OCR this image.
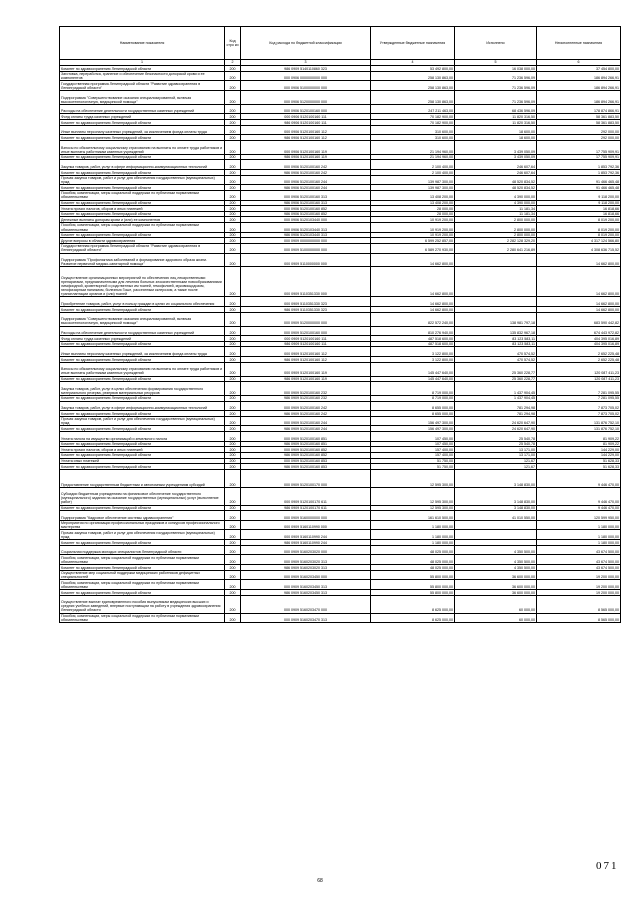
Наименование показателя	Код стро ки	Код расхода по бюджетной классификации	Утвержденные бюджетные назначения	Исполнено	Неисполненные назначения
1	2	3	4	5	6
Комитет по здравоохранению Ленинградской области	200	986 0909 5140110860 323	53 492 800,00	16 038 000,00	37 454 800,00
Заготовка, переработка, хранение и обеспечение безопасности донорской крови и ее компонентов	200	000 0906 0000000000 000	258 130 863,00	71 236 596,09	186 894 266,91
Государственная программа Ленинградской области "Развитие здравоохранения в Ленинградской области"	200	000 0906 5100000000 000	258 130 863,00	71 236 596,09	186 894 266,91
Подпрограмма "Совершенствование оказания специализированной, включая высокотехнологичную, медицинской помощи"	200	000 0906 5120000000 000	258 130 863,00	71 236 596,09	186 894 266,91
Расходы на обеспечение деятельности государственных казенных учреждений	200	000 0906 5120100160 000	247 211 463,00	68 436 596,09	178 874 866,91
Фонд оплаты труда казенных учреждений	200	000 0906 5120100160 111	70 182 900,00	11 820 316,50	58 361 883,50
Комитет по здравоохранению Ленинградской области	200	986 0906 5120100160 111	70 182 900,00	11 820 316,50	58 361 883,50
Иные выплаты персоналу казенных учреждений, за исключением фонда оплаты труда	200	000 0906 5120100160 112	310 600,00	18 600,00	292 000,00
Комитет по здравоохранению Ленинградской области	200	986 0906 5120100160 112	310 600,00	18 600,00	292 000,00
Взносы по обязательному социальному страхованию на выплаты по оплате труда работников и иные выплаты работникам казенных учреждений	200	000 0906 5120100160 119	21 194 960,00	3 439 050,09	17 755 909,91
Комитет по здравоохранению Ленинградской области	200	986 0906 5120100160 119	21 194 960,00	3 439 050,09	17 755 909,91
Закупка товаров, работ, услуг в сфере информационно-коммуникационных технологий	200	000 0906 5120100160 242	2 100 400,00	246 607,64	1 853 792,36
Комитет по здравоохранению Ленинградской области	200	986 0906 5120100160 242	2 100 400,00	246 607,64	1 853 792,36
Прочая закупка товаров, работ и услуг для обеспечения государственных (муниципальных) нужд	200	000 0906 5120100160 244	139 987 300,00	48 520 834,52	91 466 465,48
Комитет по здравоохранению Ленинградской области	200	986 0906 5120100160 244	139 987 300,00	48 520 834,52	91 466 465,48
Пособия, компенсации, меры социальной поддержки по публичным нормативным обязательствам	200	000 0906 5120100160 313	13 408 200,00	4 390 000,00	9 118 200,00
Комитет по здравоохранению Ленинградской области	200	986 0906 5120100160 313	13 408 200,00	4 390 000,00	9 118 200,00
Уплата прочих налогов, сборов и иных платежей	200	000 0906 5120100160 852	28 000,00	11 181,34	16 818,66
Комитет по здравоохранению Ленинградской области	200	986 0906 5120100160 852	28 000,00	11 181,34	16 818,66
Денежные выплаты донорам крови и (или) ее компонентов	200	000 0906 5120103440 000	10 919 200,00	2 800 000,00	8 019 200,00
Пособия, компенсации, меры социальной поддержки по публичным нормативным обязательствам	200	000 0906 5120103440 313	10 919 200,00	2 800 000,00	8 019 200,00
Комитет по здравоохранению Ленинградской области	200	986 0906 5120103440 313	10 919 200,00	2 800 000,00	8 019 200,00
Другие вопросы в области здравоохранения	200	000 0909 0000000000 000	6 599 252 857,00	2 282 128 329,20	4 317 124 566,80
Государственная программа Ленинградской области "Развитие здравоохранения в Ленинградской области"	200	000 0909 5100000000 000	6 589 270 930,00	2 280 641 216,89	4 308 636 715,52
Подпрограмма "Профилактика заболеваний и формирование здорового образа жизни. Развитие первичной медико-санитарной помощи"	200	000 0909 5110000000 000	14 662 800,00		14 662 800,00
Осуществление организационных мероприятий по обеспечению лиц лекарственными препаратами, предназначенными для лечения больных злокачественными новообразованиями лимфоидной, кроветворной и родственных им тканей, гемофилией, муковисцидозом, гипофизарным нанизмом, болезнью Гоше, рассеянным склерозом, а также после трансплантации органов и (или) тканей	200	000 0909 5110351330 000	14 662 800,00		14 662 800,00
Приобретение товаров, работ, услуг в пользу граждан в целях их социального обеспечения	200	000 0909 5110351330 323	14 662 800,00		14 662 800,00
Комитет по здравоохранению Ленинградской области	200	986 0909 5110351330 323	14 662 800,00		14 662 800,00
Подпрограмма "Совершенствование оказания специализированной, включая высокотехнологичную, медицинской помощи"	200	000 0909 5120000000 000	822 572 240,00	138 981 797,18	683 590 442,82
Расходы на обеспечение деятельности государственных казенных учреждений	200	000 0909 5120100160 000	810 276 940,00	135 832 967,18	674 443 972,82
Фонд оплаты труда казенных учреждений	200	000 0909 5120100160 111	487 518 600,00	83 123 583,11	404 395 016,89
Комитет по здравоохранению Ленинградской области	200	986 0909 5120100160 111	487 518 600,00	83 123 583,11	404 395 016,89
Иные выплаты персоналу казенных учреждений, за исключением фонда оплаты труда	200	000 0909 5120100160 112	3 122 800,00	470 574,52	2 652 225,48
Комитет по здравоохранению Ленинградской области	200	986 0909 5120100160 112	3 122 800,00	470 574,52	2 652 225,48
Взносы по обязательному социальному страхованию на выплаты по оплате труда работников и иные выплаты работникам казенных учреждений	200	000 0909 5120100160 119	145 447 640,00	25 360 228,77	120 087 411,23
Комитет по здравоохранению Ленинградской области	200	986 0909 5120100160 119	145 447 640,00	25 360 228,77	120 087 411,23
Закупка товаров, работ, услуг в целях обеспечения формирования государственного материального резерва, резервов материальных ресурсов	200	000 0909 5120100160 232	8 719 000,00	1 437 904,45	7 281 095,55
Комитет по здравоохранению Ленинградской области	200	986 0909 5120100160 232	8 719 000,00	1 437 904,45	7 281 095,55
Закупка товаров, работ, услуг в сфере информационно-коммуникационных технологий	200	000 0909 5120100160 242	8 655 000,00	781 294,98	7 873 705,02
Комитет по здравоохранению Ленинградской области	200	986 0909 5120100160 242	8 655 000,00	781 294,98	7 873 705,02
Прочая закупка товаров, работ и услуг для обеспечения государственных (муниципальных) нужд	200	000 0909 5120100160 244	156 497 300,00	24 620 647,90	131 876 752,10
Комитет по здравоохранению Ленинградской области	200	986 0909 5120100160 244	156 497 300,00	24 620 647,90	131 876 752,10
Уплата налога на имущество организаций и земельного налога	200	000 0909 5120100160 851	107 450,00	25 540,78	81 909,22
Комитет по здравоохранению Ленинградской области	200	986 0909 5120100160 851	107 450,00	25 540,78	81 909,22
Уплата прочих налогов, сборов и иных платежей	200	000 0909 5120100160 852	157 400,00	13 171,00	144 229,00
Комитет по здравоохранению Ленинградской области	200	986 0909 5120100160 852	157 400,00	13 171,00	144 229,00
Уплата иных платежей	200	000 0909 5120100160 853	51 750,00	121,67	51 628,33
Комитет по здравоохранению Ленинградской области	200	986 0909 5120100160 853	51 750,00	121,67	51 628,33
Предоставление государственным бюджетным и автономным учреждениям субсидий	200	000 0909 5120100170 000	12 595 300,00	3 148 830,00	9 446 470,00
Субсидии бюджетным учреждениям на финансовое обеспечение государственного (муниципального) задания на оказание государственных (муниципальных) услуг (выполнение работ)	200	000 0909 5120100170 611	12 595 300,00	3 148 830,00	9 446 470,00
Комитет по здравоохранению Ленинградской области	200	986 0909 5120100170 611	12 595 300,00	3 148 830,00	9 446 470,00
Подпрограмма "Кадровое обеспечение системы здравоохранения"	200	000 0909 5160000000 000	161 610 500,00	41 010 550,00	120 599 950,00
Мероприятия по организации профессиональных праздников и конкурсов профессионального мастерства	200	000 0909 5160110990 000	1 180 000,00		1 180 000,00
Прочая закупка товаров, работ и услуг для обеспечения государственных (муниципальных) нужд	200	000 0909 5160110990 244	1 180 000,00		1 180 000,00
Комитет по здравоохранению Ленинградской области	200	986 0909 5160110990 244	1 180 000,00		1 180 000,00
Социальная поддержка молодых специалистов Ленинградской области	200	000 0909 5160203020 000	48 025 000,00	4 350 500,00	43 674 500,00
Пособия, компенсации, меры социальной поддержки по публичным нормативным обязательствам	200	000 0909 5160203020 313	48 025 000,00	4 350 500,00	43 674 500,00
Комитет по здравоохранению Ленинградской области	200	986 0909 5160203020 313	48 025 000,00	4 350 500,00	43 674 500,00
Осуществление мер социальной поддержки медицинских работников дефицитных специальностей	200	000 0909 5160203450 000	55 800 000,00	36 600 000,00	19 200 000,00
Пособия, компенсации, меры социальной поддержки по публичным нормативным обязательствам	200	000 0909 5160203450 313	55 800 000,00	36 600 000,00	19 200 000,00
Комитет по здравоохранению Ленинградской области	200	986 0909 5160203450 313	55 800 000,00	36 600 000,00	19 200 000,00
Осуществление выплат единовременного пособия выпускникам медицинских высших и средних учебных заведений, впервые поступающим на работу в учреждения здравоохранения Ленинградской области	200	000 0909 5160203470 000	8 625 000,00	60 000,00	8 565 000,00
Пособия, компенсации, меры социальной поддержки по публичным нормативным обязательствам	200	000 0909 5160203470 313	8 625 000,00	60 000,00	8 565 000,00
68
071
